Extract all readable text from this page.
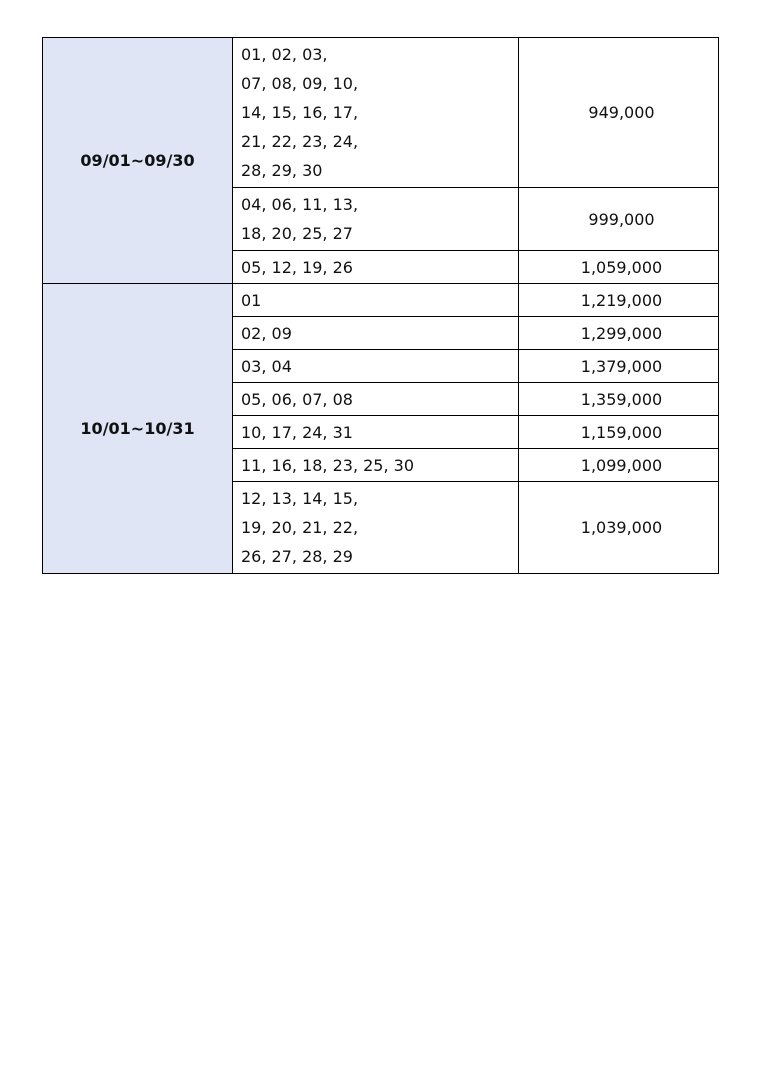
09/01~09/30	01, 02, 03,
07, 08, 09, 10,
14, 15, 16, 17,
21, 22, 23, 24,
28, 29, 30	949,000

	04, 06, 11, 13,
18, 20, 25, 27	999,000

	05, 12, 19, 26	1,059,000
10/01~10/31	01	1,219,000

	02, 09	1,299,000

	03, 04	1,379,000

	05, 06, 07, 08	1,359,000

	10, 17, 24, 31	1,159,000

	11, 16, 18, 23, 25, 30	1,099,000

	12, 13, 14, 15,
19, 20, 21, 22,
26, 27, 28, 29	1,039,000
